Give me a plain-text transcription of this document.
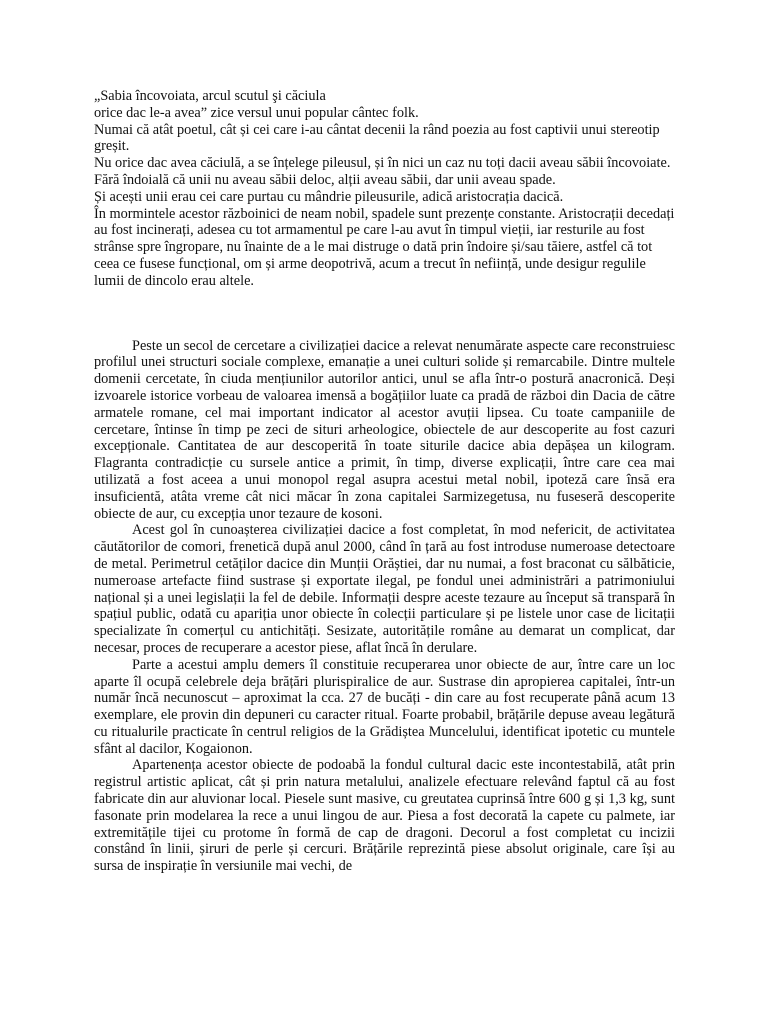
„Sabia încovoiata, arcul scutul şi căciula

orice dac le-a avea” zice versul unui popular cântec folk.

Numai că atât poetul, cât și cei care i-au cântat decenii la rând poezia au fost captivii unui stereotip greșit.

Nu orice dac avea căciulă, a se înțelege pileusul, și în nici un caz nu toți dacii aveau săbii încovoiate.

Fără îndoială că unii nu aveau săbii deloc, alții aveau săbii, dar unii aveau spade.

Și acești unii erau cei care purtau cu mândrie pileusurile, adică aristocrația dacică.

În mormintele acestor războinici de neam nobil, spadele sunt prezențe constante. Aristocrații decedați au fost incinerați, adesea cu tot armamentul pe care l-au avut în timpul vieții, iar resturile au fost strânse spre îngropare, nu înainte de a le mai distruge o dată prin îndoire și/sau tăiere, astfel că tot ceea ce fusese funcțional, om și arme deopotrivă, acum a trecut în neființă, unde desigur regulile lumii de dincolo erau altele.

Peste un secol de cercetare a civilizației dacice a relevat nenumărate aspecte care reconstruiesc profilul unei structuri sociale complexe, emanație a unei culturi solide și remarcabile. Dintre multele domenii cercetate, în ciuda mențiunilor autorilor antici, unul se afla într-o postură anacronică. Deși izvoarele istorice vorbeau de valoarea imensă a bogățiilor luate ca pradă de război din Dacia de către armatele romane, cel mai important indicator al acestor avuții lipsea. Cu toate campaniile de cercetare, întinse în timp pe zeci de situri arheologice, obiectele de aur descoperite au fost cazuri excepționale. Cantitatea de aur descoperită în toate siturile dacice abia depășea un kilogram. Flagranta contradicție cu sursele antice a primit, în timp, diverse explicații, între care cea mai utilizată a fost aceea a unui monopol regal asupra acestui metal nobil, ipoteză care însă era insuficientă, atâta vreme cât nici măcar în zona capitalei Sarmizegetusa, nu fuseseră descoperite obiecte de aur, cu excepția unor tezaure de kosoni.

Acest gol în cunoașterea civilizației dacice a fost completat, în mod nefericit, de activitatea căutătorilor de comori, frenetică după anul 2000, când în țară au fost introduse numeroase detectoare de metal. Perimetrul cetăților dacice din Munții Orăștiei, dar nu numai, a fost braconat cu sălbăticie, numeroase artefacte fiind sustrase și exportate ilegal, pe fondul unei administrări a patrimoniului național și a unei legislații la fel de debile. Informații despre aceste tezaure au început să transpară în spațiul public, odată cu apariția unor obiecte în colecții particulare și pe listele unor case de licitații specializate în comerțul cu antichități. Sesizate, autoritățile române au demarat un complicat, dar necesar, proces de recuperare a acestor piese, aflat încă în derulare.

Parte a acestui amplu demers îl constituie recuperarea unor obiecte de aur, între care un loc aparte îl ocupă celebrele deja brățări plurispiralice de aur. Sustrase din apropierea capitalei, într-un număr încă necunoscut – aproximat la cca. 27 de bucăți - din care au fost recuperate până acum 13 exemplare, ele provin din depuneri cu caracter ritual. Foarte probabil, brățările depuse aveau legătură cu ritualurile practicate în centrul religios de la Grădiștea Muncelului, identificat ipotetic cu muntele sfânt al dacilor, Kogaionon.

Apartenența acestor obiecte de podoabă la fondul cultural dacic este incontestabilă, atât prin registrul artistic aplicat, cât și prin natura metalului, analizele efectuare relevând faptul că au fost fabricate din aur aluvionar local. Piesele sunt masive, cu greutatea cuprinsă între 600 g și 1,3 kg, sunt fasonate prin modelarea la rece a unui lingou de aur. Piesa a fost decorată la capete cu palmete, iar extremitățile tijei cu protome în formă de cap de dragoni. Decorul a fost completat cu incizii constând în linii, șiruri de perle și cercuri. Brățările reprezintă piese absolut originale, care își au sursa de inspirație în versiunile mai vechi, de
